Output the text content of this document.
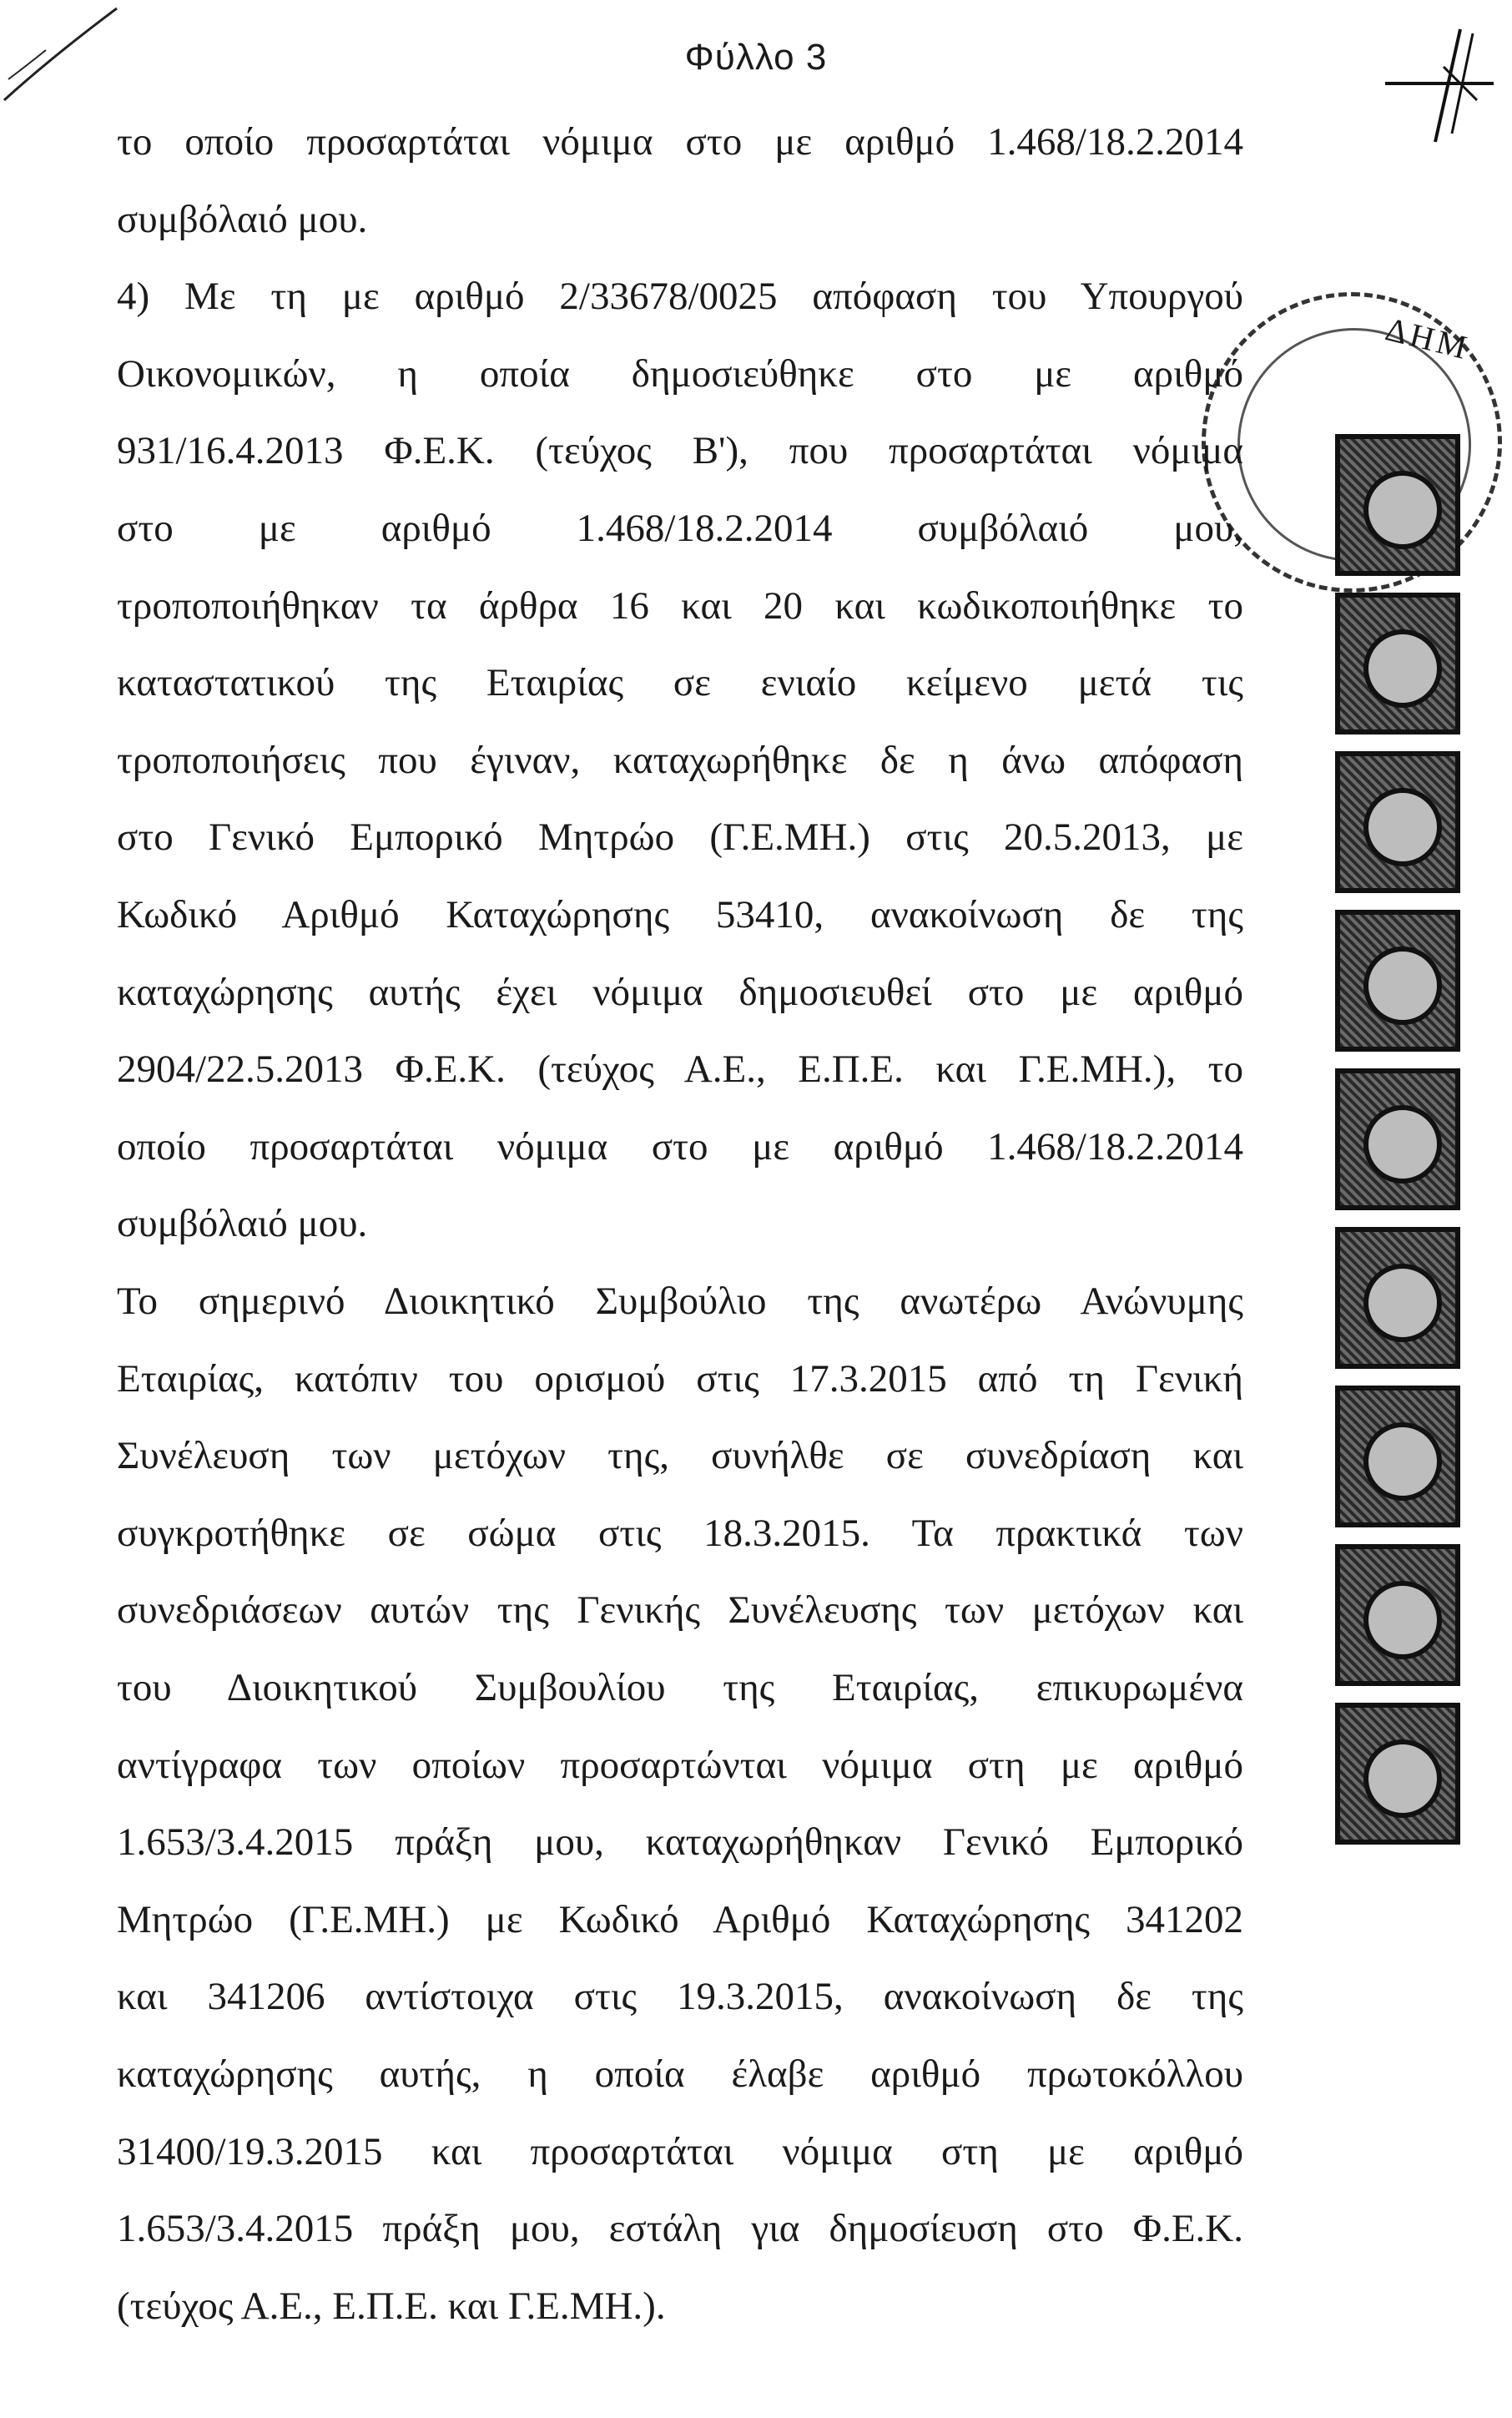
Φύλλο 3
ΔΗΜ
το οποίο προσαρτάται νόμιμα στο με αριθμό 1.468/18.2.2014
συμβόλαιό μου.
4) Με τη με αριθμό 2/33678/0025 απόφαση του Υπουργού
Οικονομικών, η οποία δημοσιεύθηκε στο με αριθμό
931/16.4.2013 Φ.Ε.Κ. (τεύχος Β'), που προσαρτάται νόμιμα
στο με αριθμό 1.468/18.2.2014 συμβόλαιό μου,
τροποποιήθηκαν τα άρθρα 16 και 20 και κωδικοποιήθηκε το
καταστατικού της Εταιρίας σε ενιαίο κείμενο μετά τις
τροποποιήσεις που έγιναν, καταχωρήθηκε δε η άνω απόφαση
στο Γενικό Εμπορικό Μητρώο (Γ.Ε.ΜΗ.) στις 20.5.2013, με
Κωδικό Αριθμό Καταχώρησης 53410, ανακοίνωση δε της
καταχώρησης αυτής έχει νόμιμα δημοσιευθεί στο με αριθμό
2904/22.5.2013 Φ.Ε.Κ. (τεύχος Α.Ε., Ε.Π.Ε. και Γ.Ε.ΜΗ.), το
οποίο προσαρτάται νόμιμα στο με αριθμό 1.468/18.2.2014
συμβόλαιό μου.
Το σημερινό Διοικητικό Συμβούλιο της ανωτέρω Ανώνυμης
Εταιρίας, κατόπιν του ορισμού στις 17.3.2015 από τη Γενική
Συνέλευση των μετόχων της, συνήλθε σε συνεδρίαση και
συγκροτήθηκε σε σώμα στις 18.3.2015. Τα πρακτικά των
συνεδριάσεων αυτών της Γενικής Συνέλευσης των μετόχων και
του Διοικητικού Συμβουλίου της Εταιρίας, επικυρωμένα
αντίγραφα των οποίων προσαρτώνται νόμιμα στη με αριθμό
1.653/3.4.2015 πράξη μου, καταχωρήθηκαν Γενικό Εμπορικό
Μητρώο (Γ.Ε.ΜΗ.) με Κωδικό Αριθμό Καταχώρησης 341202
και 341206 αντίστοιχα στις 19.3.2015, ανακοίνωση δε της
καταχώρησης αυτής, η οποία έλαβε αριθμό πρωτοκόλλου
31400/19.3.2015 και προσαρτάται νόμιμα στη με αριθμό
1.653/3.4.2015 πράξη μου, εστάλη για δημοσίευση στο Φ.Ε.Κ.
(τεύχος Α.Ε., Ε.Π.Ε. και Γ.Ε.ΜΗ.).
